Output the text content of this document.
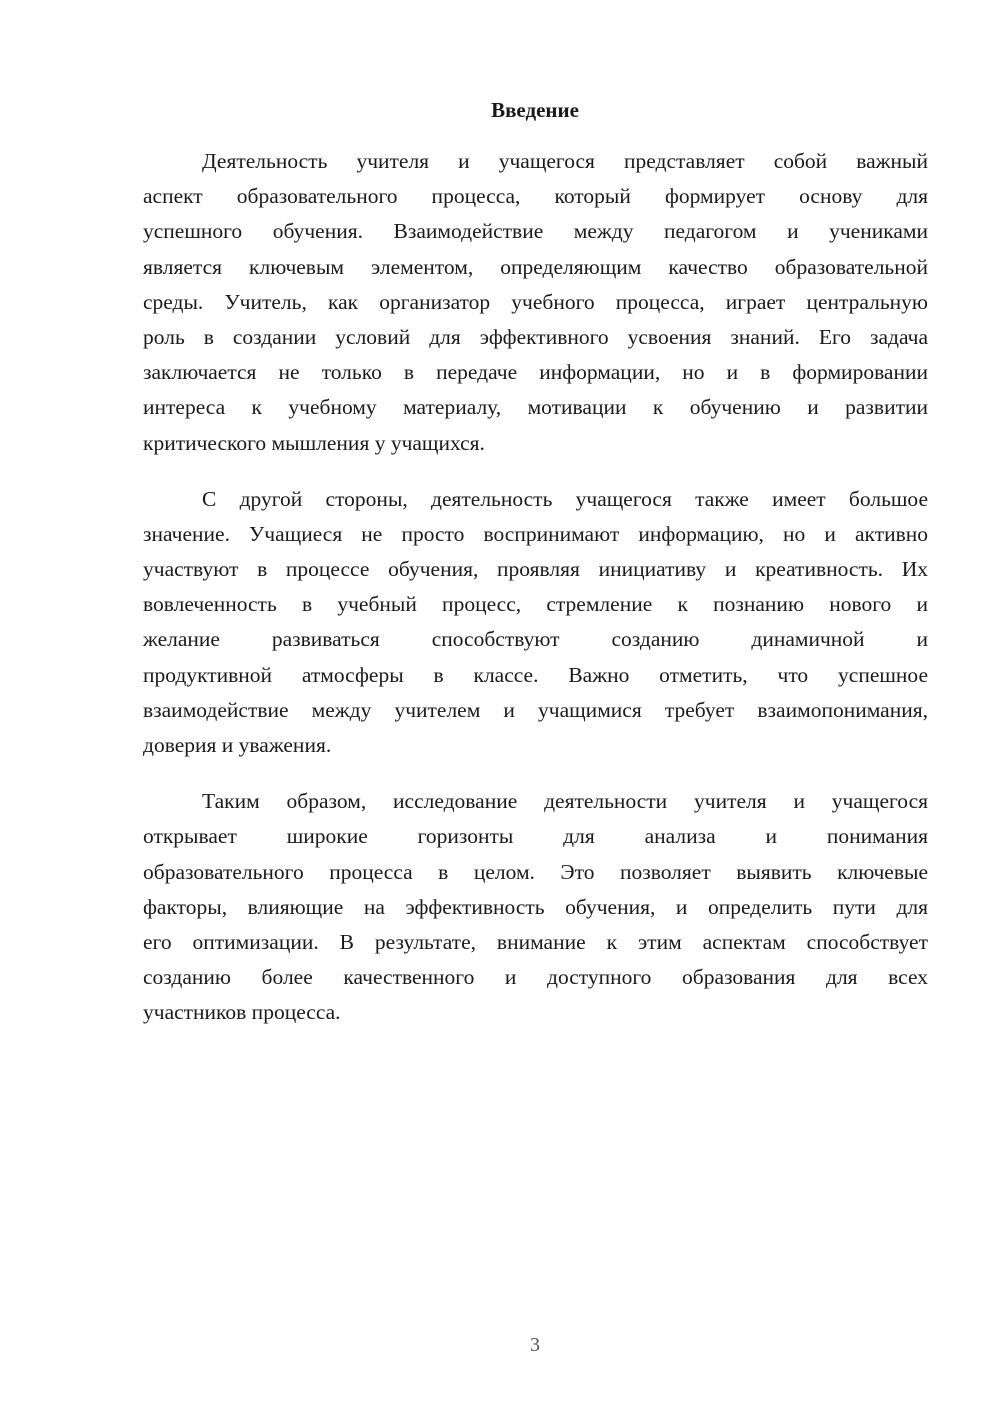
Введение
Деятельность учителя и учащегося представляет собой важный
аспект образовательного процесса, который формирует основу для
успешного обучения. Взаимодействие между педагогом и учениками
является ключевым элементом, определяющим качество образовательной
среды. Учитель, как организатор учебного процесса, играет центральную
роль в создании условий для эффективного усвоения знаний. Его задача
заключается не только в передаче информации, но и в формировании
интереса к учебному материалу, мотивации к обучению и развитии
критического мышления у учащихся.
С другой стороны, деятельность учащегося также имеет большое
значение. Учащиеся не просто воспринимают информацию, но и активно
участвуют в процессе обучения, проявляя инициативу и креативность. Их
вовлеченность в учебный процесс, стремление к познанию нового и
желание развиваться способствуют созданию динамичной и
продуктивной атмосферы в классе. Важно отметить, что успешное
взаимодействие между учителем и учащимися требует взаимопонимания,
доверия и уважения.
Таким образом, исследование деятельности учителя и учащегося
открывает широкие горизонты для анализа и понимания
образовательного процесса в целом. Это позволяет выявить ключевые
факторы, влияющие на эффективность обучения, и определить пути для
его оптимизации. В результате, внимание к этим аспектам способствует
созданию более качественного и доступного образования для всех
участников процесса.
3
